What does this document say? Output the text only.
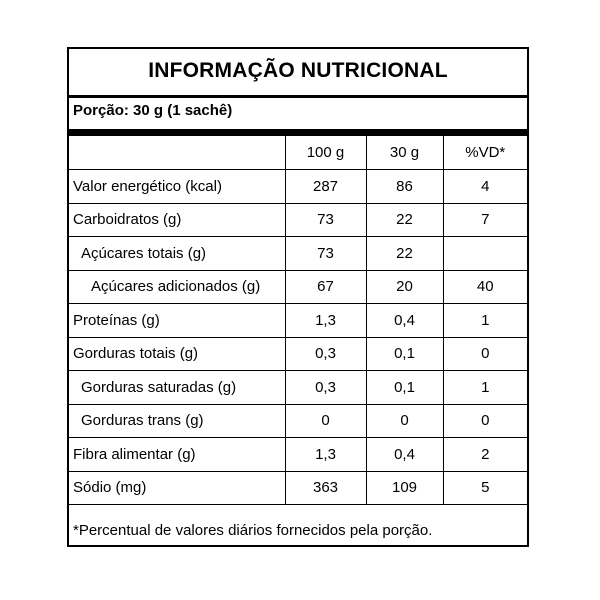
INFORMAÇÃO NUTRICIONAL
Porção: 30 g (1 sachê)
	100 g	30 g	%VD*
Valor energético (kcal)	287	86	4
Carboidratos (g)	73	22	7
Açúcares totais (g)	73	22	
Açúcares adicionados (g)	67	20	40
Proteínas (g)	1,3	0,4	1
Gorduras totais (g)	0,3	0,1	0
Gorduras saturadas (g)	0,3	0,1	1
Gorduras trans (g)	0	0	0
Fibra alimentar (g)	1,3	0,4	2
Sódio (mg)	363	109	5
*Percentual de valores diários fornecidos pela porção.
